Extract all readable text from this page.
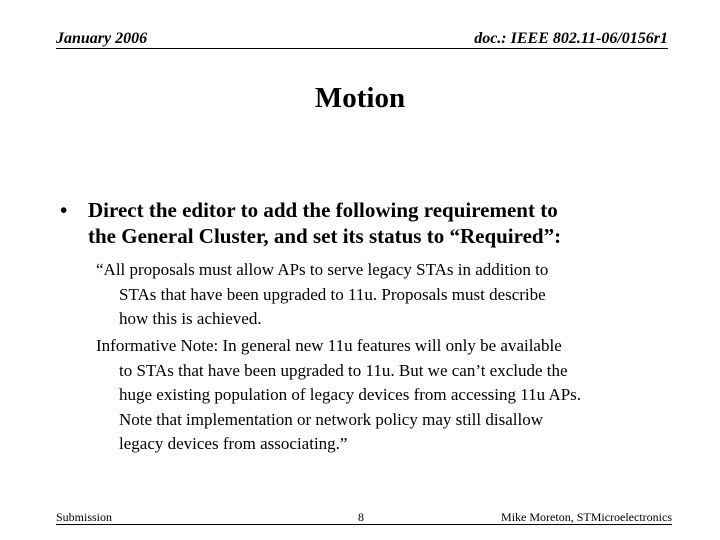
January 2006	doc.: IEEE 802.11-06/0156r1
Motion
• Direct the editor to add the following requirement to
the General Cluster, and set its status to “Required”:
“All proposals must allow APs to serve legacy STAs in addition to
STAs that have been upgraded to 11u. Proposals must describe
how this is achieved.
Informative Note: In general new 11u features will only be available
to STAs that have been upgraded to 11u. But we can’t exclude the
huge existing population of legacy devices from accessing 11u APs.
Note that implementation or network policy may still disallow
legacy devices from associating.”
Submission	8	Mike Moreton, STMicroelectronics
